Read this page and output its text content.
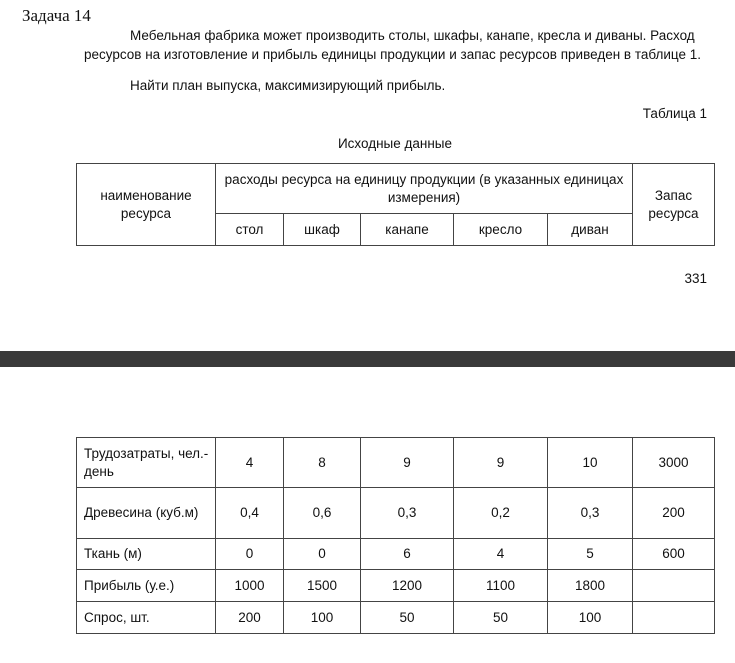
Задача 14
Мебельная фабрика может производить столы, шкафы, канапе, кресла и диваны. Расход
ресурсов на изготовление и прибыль единицы продукции и запас ресурсов приведен в таблице 1.
Найти план выпуска, максимизирующий прибыль.
Таблица 1
Исходные данные
наименование ресурса	расходы ресурса на единицу продукции (в указанных единицах измерения)					Запас ресурса
	стол	шкаф	канапе	кресло	диван	
331
Трудозатраты, чел.-день	4	8	9	9	10	3000
Древесина (куб.м)	0,4	0,6	0,3	0,2	0,3	200
Ткань (м)	0	0	6	4	5	600
Прибыль (у.е.)	1000	1500	1200	1100	1800	
Спрос, шт.	200	100	50	50	100	
